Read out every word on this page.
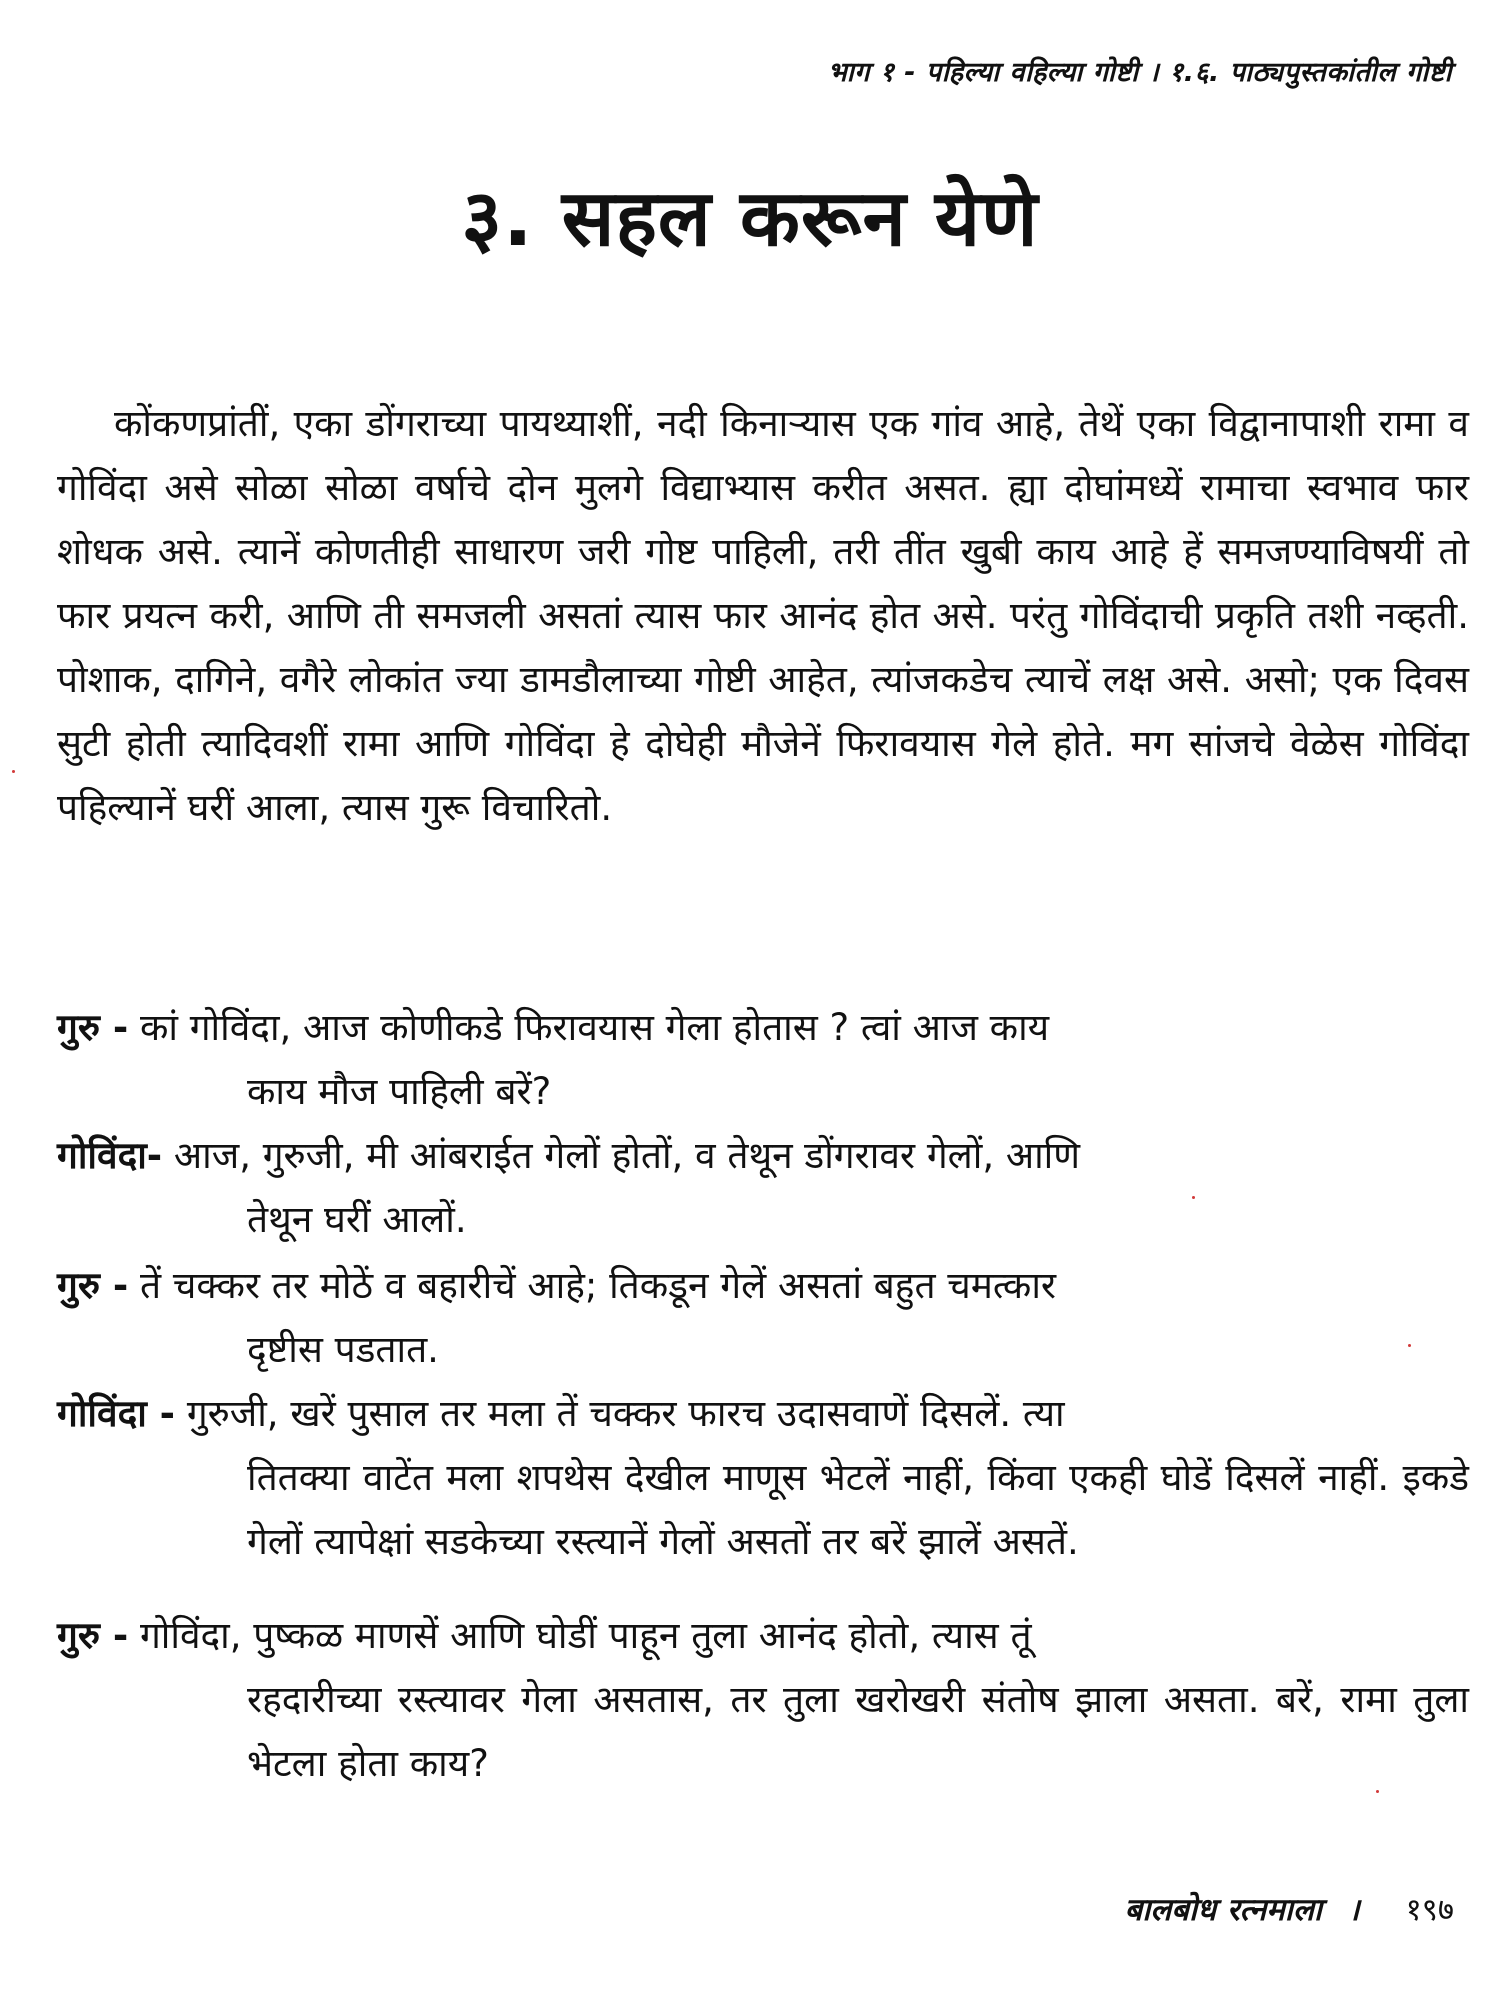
भाग १ - पहिल्या वहिल्या गोष्टी । १.६. पाठ्यपुस्तकांतील गोष्टी
३. सहल करून येणे

कोंकणप्रांतीं, एका डोंगराच्या पायथ्याशीं, नदी किनाऱ्यास एक गांव आहे, तेथें एका विद्वानापाशी रामा व गोविंदा असे सोळा सोळा वर्षाचे दोन मुलगे विद्याभ्यास करीत असत. ह्या दोघांमध्यें रामाचा स्वभाव फार शोधक असे. त्यानें कोणतीही साधारण जरी गोष्ट पाहिली, तरी तींत खुबी काय आहे हें समजण्याविषयीं तो फार प्रयत्न करी, आणि ती समजली असतां त्यास फार आनंद होत असे. परंतु गोविंदाची प्रकृति तशी नव्हती. पोशाक, दागिने, वगैरे लोकांत ज्या डामडौलाच्या गोष्टी आहेत, त्यांजकडेच त्याचें लक्ष असे. असो; एक दिवस सुटी होती त्यादिवशीं रामा आणि गोविंदा हे दोघेही मौजेनें फिरावयास गेले होते. मग सांजचे वेळेस गोविंदा पहिल्यानें घरीं आला, त्यास गुरू विचारितो.

गुरु - कां गोविंदा, आज कोणीकडे फिरावयास गेला होतास ? त्वां आज काय
काय मौज पाहिली बरें?
गोविंदा- आज, गुरुजी, मी आंबराईत गेलों होतों, व तेथून डोंगरावर गेलों, आणि
तेथून घरीं आलों.
गुरु - तें चक्कर तर मोठें व बहारीचें आहे; तिकडून गेलें असतां बहुत चमत्कार
दृष्टीस पडतात.
गोविंदा - गुरुजी, खरें पुसाल तर मला तें चक्कर फारच उदासवाणें दिसलें. त्या
तितक्या वाटेंत मला शपथेस देखील माणूस भेटलें नाहीं, किंवा एकही घोडें दिसलें नाहीं. इकडे गेलों त्यापेक्षां सडकेच्या रस्त्यानें गेलों असतों तर बरें झालें असतें.
गुरु - गोविंदा, पुष्कळ माणसें आणि घोडीं पाहून तुला आनंद होतो, त्यास तूं
रहदारीच्या रस्त्यावर गेला असतास, तर तुला खरोखरी संतोष झाला असता. बरें, रामा तुला भेटला होता काय?
बालबोध रत्नमाला । १९७
